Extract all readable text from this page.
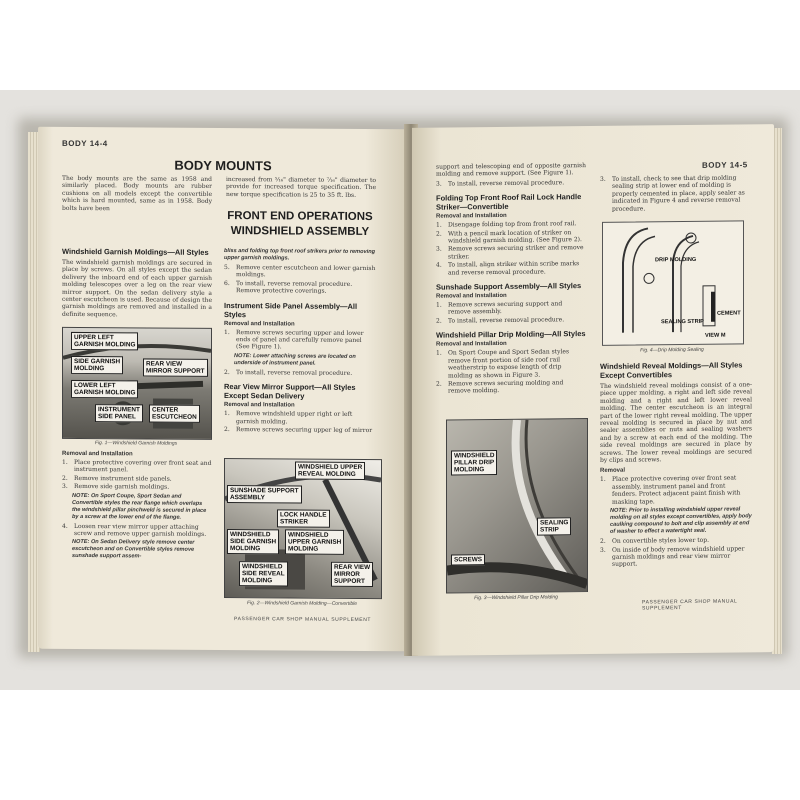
BODY 14-4
BODY MOUNTS
The body mounts are the same as 1958 and similarly placed. Body mounts are rubber cushions on all models except the convertible which is hard mounted, same as in 1958. Body bolts have been
increased from ⁵⁄₁₆" diameter to ⁷⁄₁₆" diameter to provide for increased torque specification. The new torque specification is 25 to 35 ft. lbs.
FRONT END OPERATIONS
WINDSHIELD ASSEMBLY
Windshield Garnish Moldings—All Styles
The windshield garnish moldings are secured in place by screws. On all styles except the sedan delivery the inboard end of each upper garnish molding telescopes over a leg on the rear view mirror support. On the sedan delivery style a center escutcheon is used. Because of design the garnish moldings are removed and installed in a definite sequence.
bliss and folding top front roof strikers prior to removing upper garnish moldings.
5.	Remove center escutcheon and lower garnish moldings.
6.	To install, reverse removal procedure. Remove protective coverings.
Instrument Side Panel Assembly—All Styles
Removal and Installation
1.	Remove screws securing upper and lower ends of panel and carefully remove panel (See Figure 1).
NOTE: Lower attaching screws are located on underside of instrument panel.
2.	To install, reverse removal procedure.
Rear View Mirror Support—All Styles Except Sedan Delivery
Removal and Installation
1.	Remove windshield upper right or left garnish molding.
2.	Remove screws securing upper leg of mirror
UPPER LEFT
GARNISH MOLDING
SIDE GARNISH
MOLDING
REAR VIEW
MIRROR SUPPORT
LOWER LEFT
GARNISH MOLDING
INSTRUMENT
SIDE PANEL
CENTER
ESCUTCHEON
Fig. 1—Windshield Garnish Moldings
Removal and Installation
1.	Place protective covering over front seat and instrument panel.
2.	Remove instrument side panels.
3.	Remove side garnish moldings.
NOTE: On Sport Coupe, Sport Sedan and Convertible styles the rear flange which overlaps the windshield pillar pinchweld is secured in place by a screw at the lower end of the flange.
4.	Loosen rear view mirror upper attaching screw and remove upper garnish moldings.
NOTE: On Sedan Delivery style remove center escutcheon and on Convertible styles remove sunshade support assem-
WINDSHIELD UPPER
REVEAL MOLDING
SUNSHADE SUPPORT
ASSEMBLY
LOCK HANDLE
STRIKER
WINDSHIELD
SIDE GARNISH
MOLDING
WINDSHIELD
UPPER GARNISH
MOLDING
WINDSHIELD
SIDE REVEAL
MOLDING
REAR VIEW
MIRROR
SUPPORT
Fig. 2—Windshield Garnish Molding—Convertible
PASSENGER CAR SHOP MANUAL SUPPLEMENT
BODY 14-5
support and telescoping end of opposite garnish molding and remove support. (See Figure 1).
3.	To install, reverse removal procedure.
Folding Top Front Roof Rail Lock Handle Striker—Convertible
Removal and Installation
1.	Disengage folding top from front roof rail.
2.	With a pencil mark location of striker on windshield garnish molding. (See Figure 2).
3.	Remove screws securing striker and remove striker.
4.	To install, align striker within scribe marks and reverse removal procedure.
Sunshade Support Assembly—All Styles
Removal and Installation
1.	Remove screws securing support and remove assembly.
2.	To install, reverse removal procedure.
Windshield Pillar Drip Molding—All Styles
Removal and Installation
1.	On Sport Coupe and Sport Sedan styles remove front portion of side roof rail weatherstrip to expose length of drip molding as shown in Figure 3.
2.	Remove screws securing molding and remove molding.
WINDSHIELD
PILLAR DRIP
MOLDING
SEALING
STRIP
SCREWS
Fig. 3—Windshield Pillar Drip Molding
3.	To install, check to see that drip molding sealing strip at lower end of molding is properly cemented in place, apply sealer as indicated in Figure 4 and reverse removal procedure.
DRIP MOLDING
SEALING STRIP
CEMENT
VIEW M
Fig. 4—Drip Molding Sealing
Windshield Reveal Moldings—All Styles Except Convertibles
The windshield reveal moldings consist of a one-piece upper molding, a right and left side reveal molding and a right and left lower reveal molding. The center escutcheon is an integral part of the lower right reveal molding. The upper reveal molding is secured in place by nut and sealer assemblies or nuts and sealing washers and by a screw at each end of the molding. The side reveal moldings are secured in place by screws. The lower reveal moldings are secured by clips and screws.
Removal
1.	Place protective covering over front seat assembly, instrument panel and front fenders. Protect adjacent paint finish with masking tape.
NOTE: Prior to installing windshield upper reveal molding on all styles except convertibles, apply body caulking compound to bolt and clip assembly at end of washer to effect a watertight seal.
2.	On convertible styles lower top.
3.	On inside of body remove windshield upper garnish moldings and rear view mirror support.
PASSENGER CAR SHOP MANUAL SUPPLEMENT
